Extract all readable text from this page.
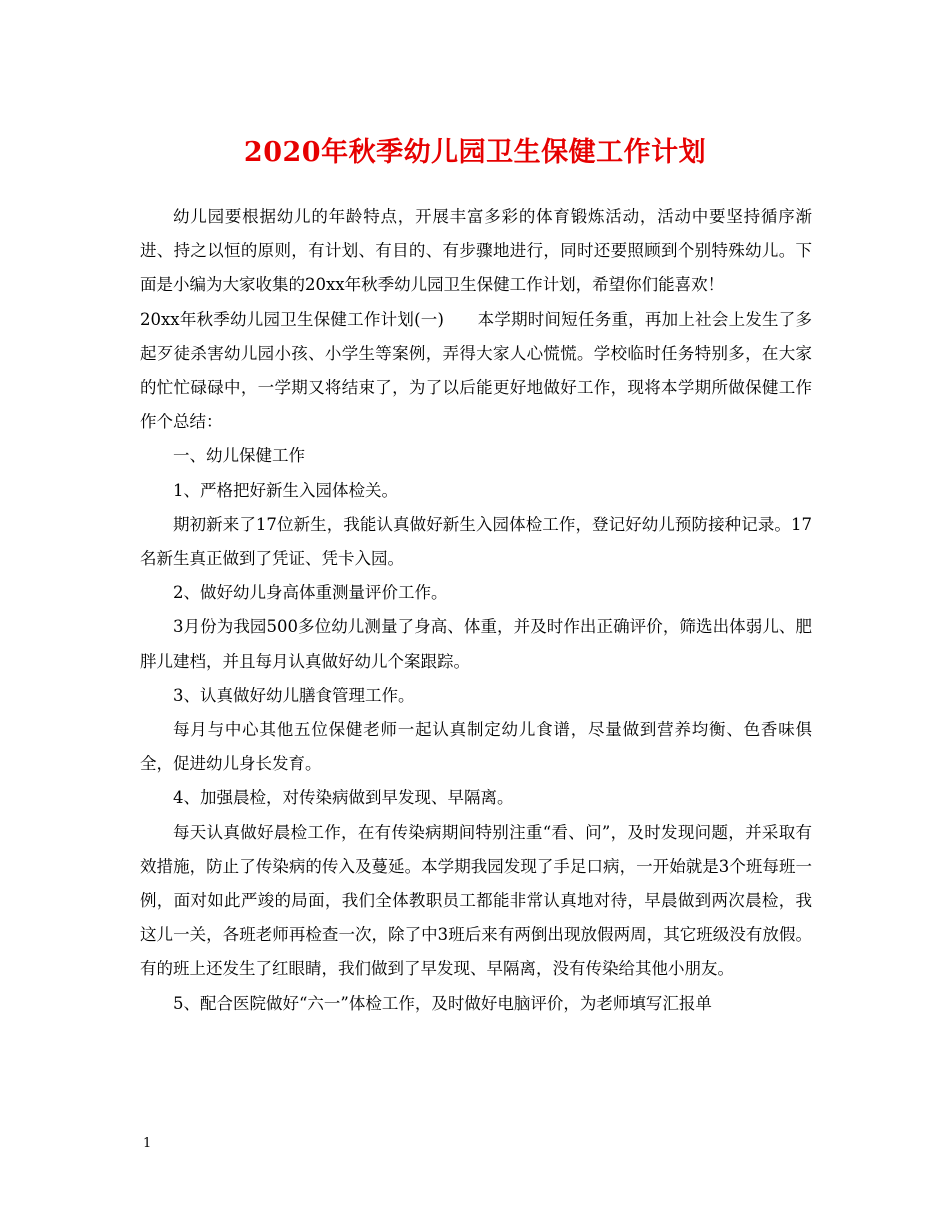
2020年秋季幼儿园卫生保健工作计划

幼儿园要根据幼儿的年龄特点，开展丰富多彩的体育锻炼活动，活动中要坚持循序渐进、持之以恒的原则，有计划、有目的、有步骤地进行，同时还要照顾到个别特殊幼儿。下面是小编为大家收集的20xx年秋季幼儿园卫生保健工作计划，希望你们能喜欢！

20xx年秋季幼儿园卫生保健工作计划(一)　　本学期时间短任务重，再加上社会上发生了多起歹徒杀害幼儿园小孩、小学生等案例，弄得大家人心慌慌。学校临时任务特别多，在大家的忙忙碌碌中，一学期又将结束了，为了以后能更好地做好工作，现将本学期所做保健工作作个总结：

一、幼儿保健工作

1、严格把好新生入园体检关。

期初新来了17位新生，我能认真做好新生入园体检工作，登记好幼儿预防接种记录。17名新生真正做到了凭证、凭卡入园。

2、做好幼儿身高体重测量评价工作。

3月份为我园500多位幼儿测量了身高、体重，并及时作出正确评价，筛选出体弱儿、肥胖儿建档，并且每月认真做好幼儿个案跟踪。

3、认真做好幼儿膳食管理工作。

每月与中心其他五位保健老师一起认真制定幼儿食谱，尽量做到营养均衡、色香味俱全，促进幼儿身长发育。

4、加强晨检，对传染病做到早发现、早隔离。

每天认真做好晨检工作，在有传染病期间特别注重“看、问”，及时发现问题，并采取有效措施，防止了传染病的传入及蔓延。本学期我园发现了手足口病，一开始就是3个班每班一例，面对如此严竣的局面，我们全体教职员工都能非常认真地对待，早晨做到两次晨检，我这儿一关，各班老师再检查一次，除了中3班后来有两倒出现放假两周，其它班级没有放假。有的班上还发生了红眼睛，我们做到了早发现、早隔离，没有传染给其他小朋友。

5、配合医院做好“六一”体检工作，及时做好电脑评价，为老师填写汇报单

1
